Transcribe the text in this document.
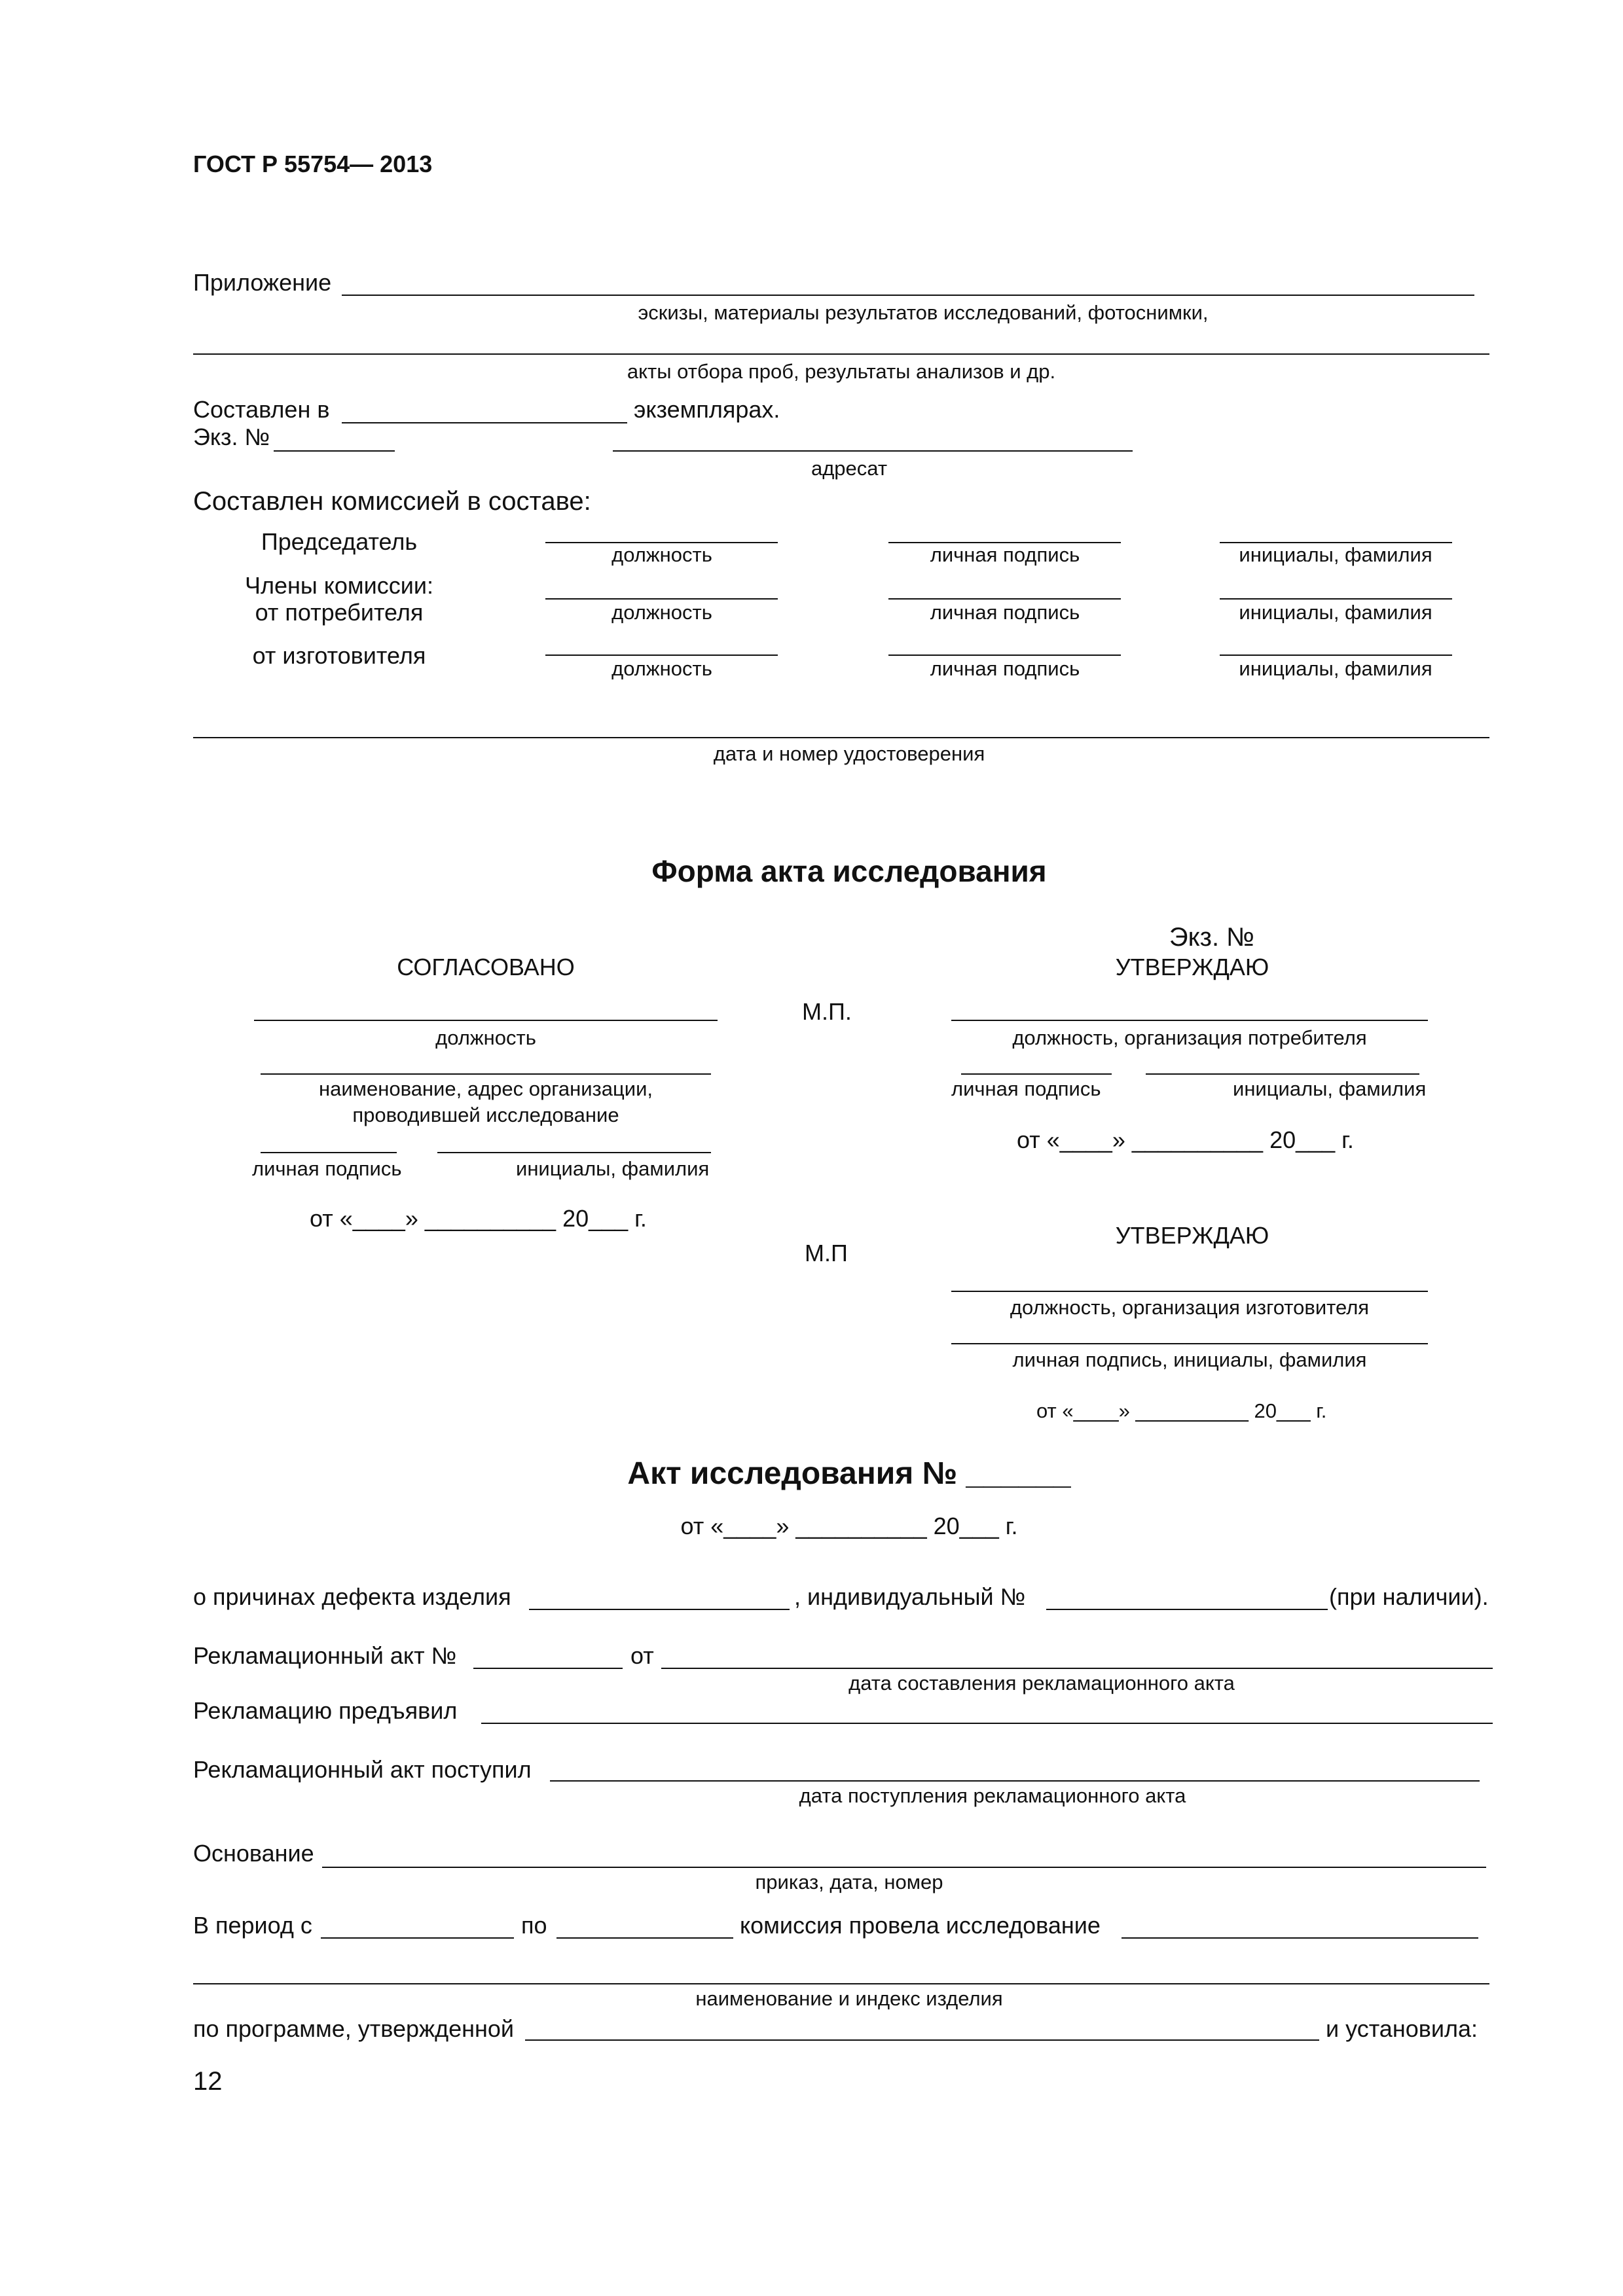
ГОСТ Р 55754— 2013
Приложение
эскизы, материалы результатов исследований, фотоснимки,
акты отбора проб, результаты анализов и др.
Составлен в	экземплярах.
Экз. №
адресат
Составлен комиссией в составе:
Председатель	должность	личная подпись	инициалы, фамилия
Члены комиссии:
от потребителя	должность	личная подпись	инициалы, фамилия
от изготовителя	должность	личная подпись	инициалы, фамилия
дата и номер удостоверения
Форма акта исследования
СОГЛАСОВАНО
должность
наименование, адрес организации,
проводившей исследование
личная подпись	инициалы, фамилия
от «____» __________ 20___ г.
М.П.
М.П
Экз. №
УТВЕРЖДАЮ
должность, организация потребителя
личная подпись	инициалы, фамилия
от «____» __________ 20___ г.
УТВЕРЖДАЮ
должность, организация изготовителя
личная подпись, инициалы, фамилия
от «____» __________ 20___ г.
Акт исследования № ______
от «____» __________ 20___ г.
о причинах дефекта изделия	, индивидуальный №	(при наличии).
Рекламационный акт №	от
дата составления рекламационного акта
Рекламацию предъявил
Рекламационный акт поступил
дата поступления рекламационного акта
Основание
приказ, дата, номер
В период с	по	комиссия провела исследование
наименование и индекс изделия
по программе, утвержденной	и установила:
12
